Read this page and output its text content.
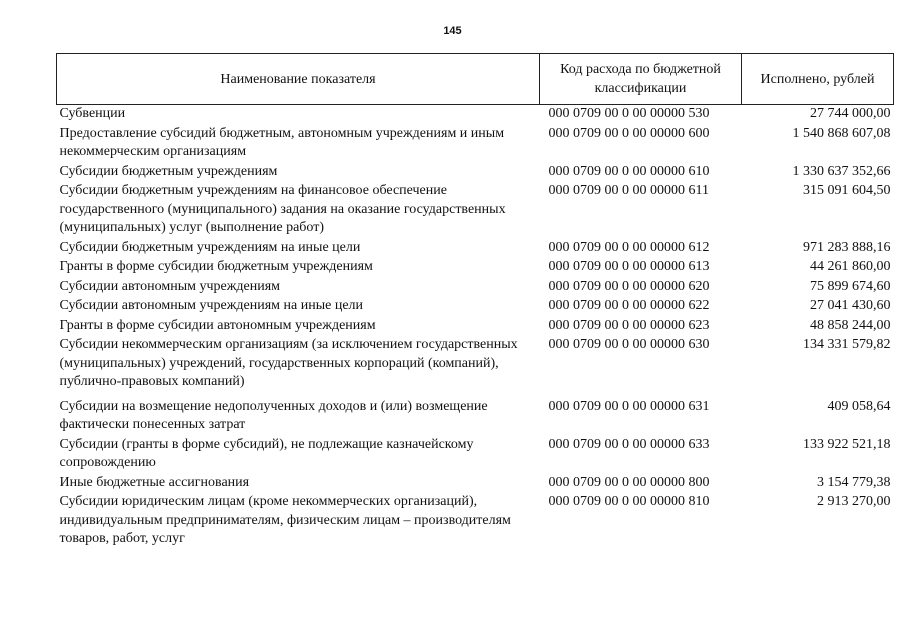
145
Наименование показателя	Код расхода по бюджетной классификации	Исполнено, рублей
Субвенции	000 0709 00 0 00 00000 530	27 744 000,00
Предоставление субсидий бюджетным, автономным учреждениям и иным некоммерческим организациям	000 0709 00 0 00 00000 600	1 540 868 607,08
Субсидии бюджетным учреждениям	000 0709 00 0 00 00000 610	1 330 637 352,66
Субсидии бюджетным учреждениям на финансовое обеспечение государственного (муниципального) задания на оказание государственных (муниципальных) услуг (выполнение работ)	000 0709 00 0 00 00000 611	315 091 604,50
Субсидии бюджетным учреждениям на иные цели	000 0709 00 0 00 00000 612	971 283 888,16
Гранты в форме субсидии бюджетным учреждениям	000 0709 00 0 00 00000 613	44 261 860,00
Субсидии автономным учреждениям	000 0709 00 0 00 00000 620	75 899 674,60
Субсидии автономным учреждениям на иные цели	000 0709 00 0 00 00000 622	27 041 430,60
Гранты в форме субсидии автономным учреждениям	000 0709 00 0 00 00000 623	48 858 244,00
Субсидии некоммерческим организациям (за исключением государственных (муниципальных) учреждений, государственных корпораций (компаний), публично-правовых компаний)	000 0709 00 0 00 00000 630	134 331 579,82
Субсидии на возмещение недополученных доходов и (или) возмещение фактически понесенных затрат	000 0709 00 0 00 00000 631	409 058,64
Субсидии (гранты в форме субсидий), не подлежащие казначейскому сопровождению	000 0709 00 0 00 00000 633	133 922 521,18
Иные бюджетные ассигнования	000 0709 00 0 00 00000 800	3 154 779,38
Субсидии юридическим лицам (кроме некоммерческих организаций), индивидуальным предпринимателям, физическим лицам – производителям товаров, работ, услуг	000 0709 00 0 00 00000 810	2 913 270,00
